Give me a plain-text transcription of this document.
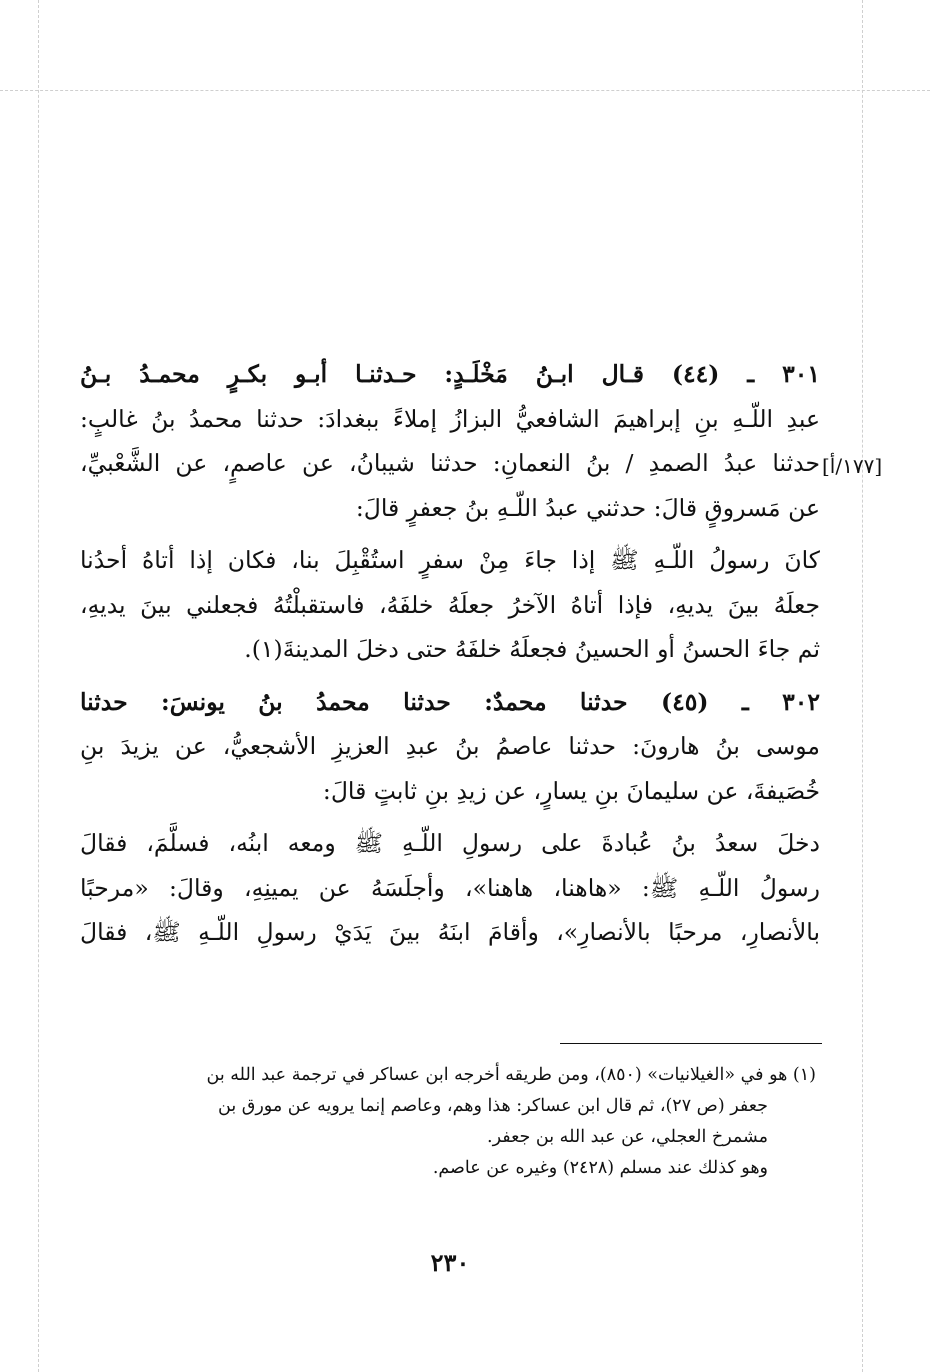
٣٠١ ـ (٤٤) قـال ابـنُ مَخْلَـدٍ: حـدثنـا أبـو بكـرٍ محمـدُ بـنُ
عبدِ اللّـهِ بنِ إبراهيمَ الشافعيُّ البزازُ إملاءً ببغدادَ: حدثنا محمدُ بنُ غالبٍ:
حدثنا عبدُ الصمدِ / بنُ النعمانِ: حدثنا شيبانُ، عن عاصمٍ، عن الشَّعْبيِّ،
عن مَسروقٍ قالَ: حدثني عبدُ اللّـهِ بنُ جعفرٍ قالَ:
كانَ رسولُ اللّـهِ ﷺ إذا جاءَ مِنْ سفرٍ استُقْبِلَ بنا، فكان إذا أتاهُ أحدُنا
جعلَهُ بينَ يديهِ، فإذا أتاهُ الآخرُ جعلَهُ خلفَهُ، فاستقبلْتُهُ فجعلني بينَ يديهِ،
ثم جاءَ الحسنُ أو الحسينُ فجعلَهُ خلفَهُ حتى دخلَ المدينةَ(١).
٣٠٢ ـ (٤٥) حدثنا محمدٌ: حدثنا محمدُ بنُ يونسَ: حدثنا
موسى بنُ هارونَ: حدثنا عاصمُ بنُ عبدِ العزيزِ الأشجعيُّ، عن يزيدَ بنِ
خُصَيفةَ، عن سليمانَ بنِ يسارٍ، عن زيدِ بنِ ثابتٍ قالَ:
دخلَ سعدُ بنُ عُبادةَ على رسولِ اللّـهِ ﷺ ومعه ابنُه، فسلَّمَ، فقالَ
رسولُ اللّـهِ ﷺ: «هاهنا، هاهنا»، وأجلَسَهُ عن يمينِهِ، وقالَ: «مرحبًا
بالأنصارِ، مرحبًا بالأنصارِ»، وأقامَ ابنَهُ بينَ يَدَيْ رسولِ اللّـهِ ﷺ، فقالَ
[١٧٧/أ]
(١) هو في «الغيلانيات» (٨٥٠)، ومن طريقه أخرجه ابن عساكر في ترجمة عبد الله بن
جعفر (ص ٢٧)، ثم قال ابن عساكر: هذا وهم، وعاصم إنما يرويه عن مورق بن
مشمرخ العجلي، عن عبد الله بن جعفر.
وهو كذلك عند مسلم (٢٤٢٨) وغيره عن عاصم.
٢٣٠
